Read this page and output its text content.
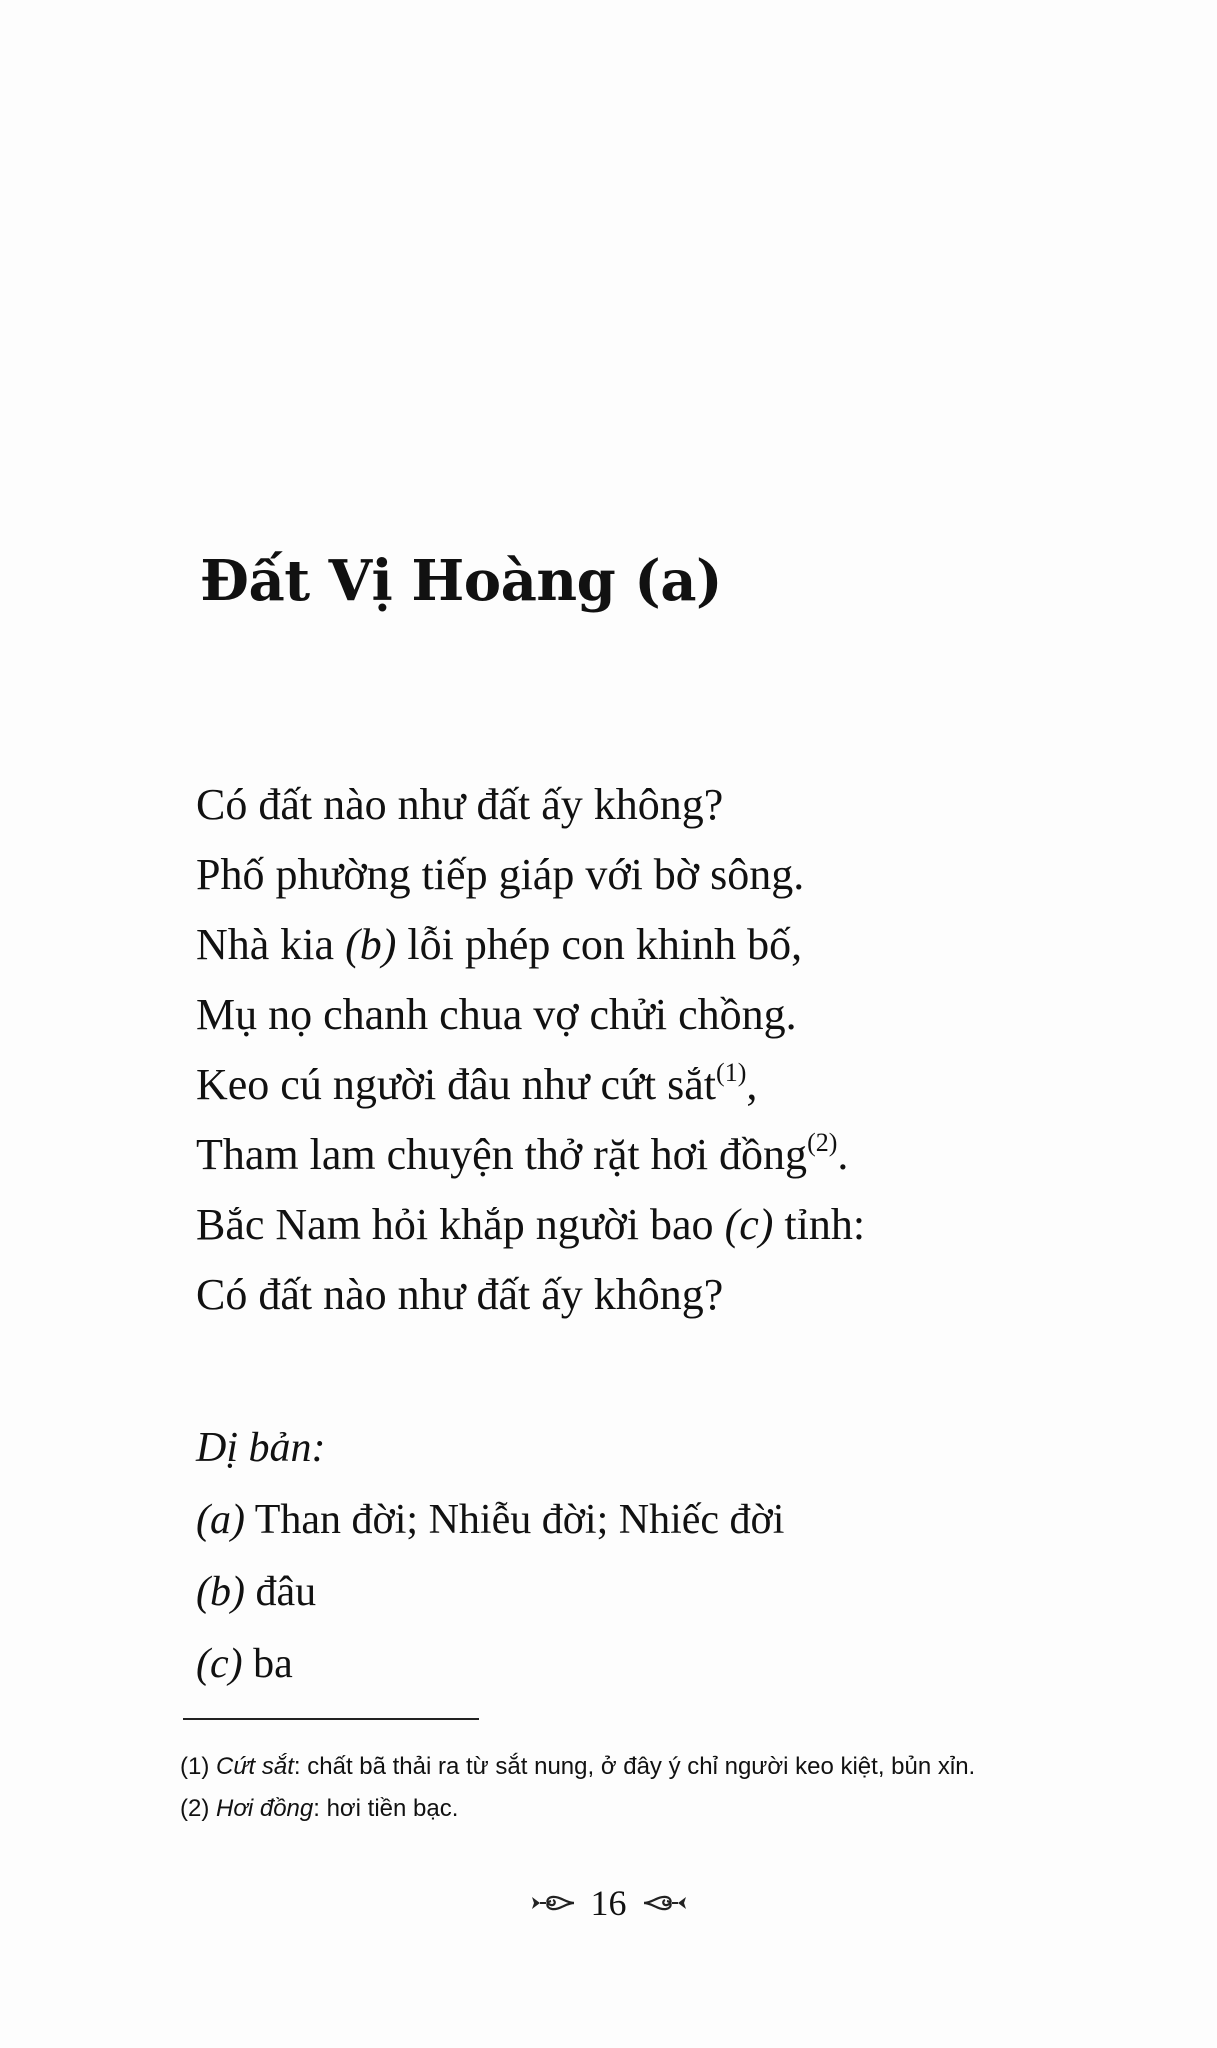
Đất Vị Hoàng (a)
Có đất nào như đất ấy không?
Phố phường tiếp giáp với bờ sông.
Nhà kia (b) lỗi phép con khinh bố,
Mụ nọ chanh chua vợ chửi chồng.
Keo cú người đâu như cứt sắt$^{(1)}$,
Tham lam chuyện thở rặt hơi đồng$^{(2)}$.
Bắc Nam hỏi khắp người bao (c) tỉnh:
Có đất nào như đất ấy không?
Dị bản:
(a) Than đời; Nhiễu đời; Nhiếc đời
(b) đâu
(c) ba
(1) Cứt sắt: chất bã thải ra từ sắt nung, ở đây ý chỉ người keo kiệt, bủn xỉn.
(2) Hơi đồng: hơi tiền bạc.
16
